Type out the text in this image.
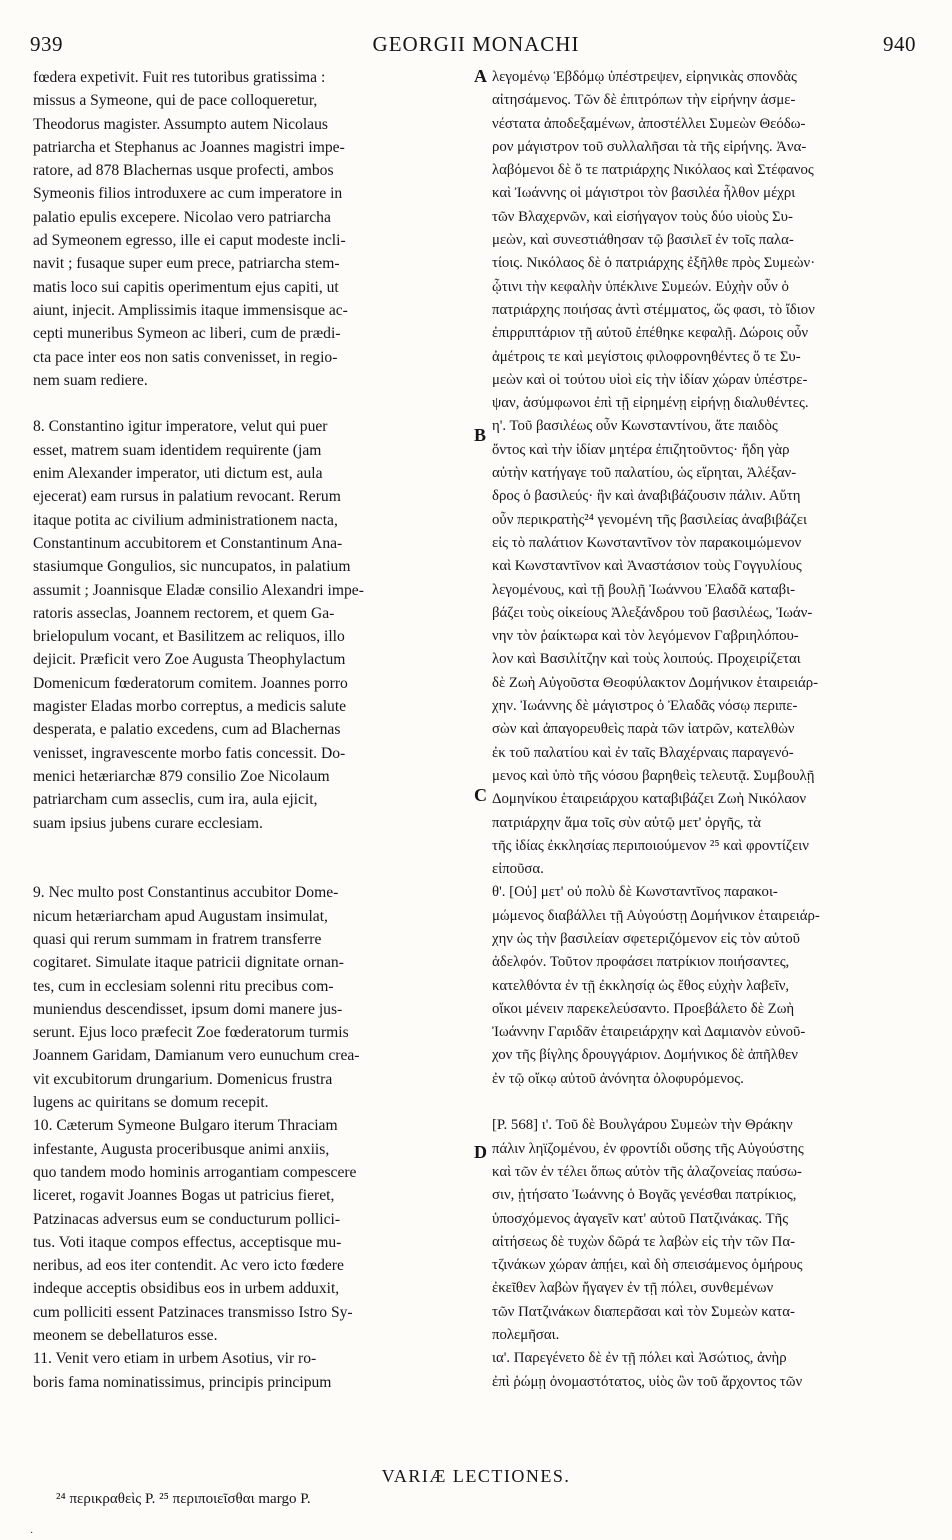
939	GEORGII MONACHI	940
fœdera expetivit. Fuit res tutoribus gratissima :
missus a Symeone, qui de pace colloqueretur,
Theodorus magister. Assumpto autem Nicolaus
patriarcha et Stephanus ac Joannes magistri impe-
ratore, ad 878 Blachernas usque profecti, ambos
Symeonis filios introduxere ac cum imperatore in
palatio epulis excepere. Nicolao vero patriarcha
ad Symeonem egresso, ille ei caput modeste incli-
navit ; fusaque super eum prece, patriarcha stem-
matis loco sui capitis operimentum ejus capiti, ut
aiunt, injecit. Amplissimis itaque immensisque ac-
cepti muneribus Symeon ac liberi, cum de prædi-
cta pace inter eos non satis convenisset, in regio-
nem suam rediere.
8. Constantino igitur imperatore, velut qui puer
esset, matrem suam identidem requirente (jam
enim Alexander imperator, uti dictum est, aula
ejecerat) eam rursus in palatium revocant. Rerum
itaque potita ac civilium administrationem nacta,
Constantinum accubitorem et Constantinum Ana-
stasiumque Gongulios, sic nuncupatos, in palatium
assumit ; Joannisque Eladæ consilio Alexandri impe-
ratoris asseclas, Joannem rectorem, et quem Ga-
brielopulum vocant, et Basilitzem ac reliquos, illo
dejicit. Præficit vero Zoe Augusta Theophylactum
Domenicum fœderatorum comitem. Joannes porro
magister Eladas morbo correptus, a medicis salute
desperata, e palatio excedens, cum ad Blachernas
venisset, ingravescente morbo fatis concessit. Do-
menici hetæriarchæ 879 consilio Zoe Nicolaum
patriarcham cum asseclis, cum ira, aula ejicit,
suam ipsius jubens curare ecclesiam.
9. Nec multo post Constantinus accubitor Dome-
nicum hetæriarcham apud Augustam insimulat,
quasi qui rerum summam in fratrem transferre
cogitaret. Simulate itaque patricii dignitate ornan-
tes, cum in ecclesiam solenni ritu precibus com-
muniendus descendisset, ipsum domi manere jus-
serunt. Ejus loco præfecit Zoe fœderatorum turmis
Joannem Garidam, Damianum vero eunuchum crea-
vit excubitorum drungarium. Domenicus frustra
lugens ac quiritans se domum recepit.
10. Cæterum Symeone Bulgaro iterum Thraciam
infestante, Augusta proceribusque animi anxiis,
quo tandem modo hominis arrogantiam compescere
liceret, rogavit Joannes Bogas ut patricius fieret,
Patzinacas adversus eum se conducturum pollici-
tus. Voti itaque compos effectus, acceptisque mu-
neribus, ad eos iter contendit. Ac vero icto fœdere
indeque acceptis obsidibus eos in urbem adduxit,
cum polliciti essent Patzinaces transmisso Istro Sy-
meonem se debellaturos esse.
11. Venit vero etiam in urbem Asotius, vir ro-
boris fama nominatissimus, principis principum
λεγομένῳ Ἑβδόμῳ ὑπέστρεψεν, εἰρηνικὰς σπονδὰς
αἰτησάμενος. Τῶν δὲ ἐπιτρόπων τὴν εἰρήνην ἀσμε-
νέστατα ἀποδεξαμένων, ἀποστέλλει Συμεὼν Θεόδω-
ρον μάγιστρον τοῦ συλλαλῆσαι τὰ τῆς εἰρήνης. Ἀνα-
λαβόμενοι δὲ ὅ τε πατριάρχης Νικόλαος καὶ Στέφανος
καὶ Ἰωάννης οἱ μάγιστροι τὸν βασιλέα ἦλθον μέχρι
τῶν Βλαχερνῶν, καὶ εἰσήγαγον τοὺς δύο υἱοὺς Συ-
μεὼν, καὶ συνεστιάθησαν τῷ βασιλεῖ ἐν τοῖς παλα-
τίοις. Νικόλαος δὲ ὁ πατριάρχης ἐξῆλθε πρὸς Συμεὼν·
ᾧτινι τὴν κεφαλὴν ὑπέκλινε Συμεών. Εὐχὴν οὖν ὁ
πατριάρχης ποιήσας ἀντὶ στέμματος, ὥς φασι, τὸ ἴδιον
ἐπιρριπτάριον τῇ αὐτοῦ ἐπέθηκε κεφαλῇ. Δώροις οὖν
ἀμέτροις τε καὶ μεγίστοις φιλοφρονηθέντες ὅ τε Συ-
μεὼν καὶ οἱ τούτου υἱοὶ εἰς τὴν ἰδίαν χώραν ὑπέστρε-
ψαν, ἀσύμφωνοι ἐπὶ τῇ εἰρημένῃ εἰρήνῃ διαλυθέντες.
η'. Τοῦ βασιλέως οὖν Κωνσταντίνου, ἅτε παιδὸς
ὄντος καὶ τὴν ἰδίαν μητέρα ἐπιζητοῦντος· ἤδη γὰρ
αὐτὴν κατήγαγε τοῦ παλατίου, ὡς εἴρηται, Ἀλέξαν-
δρος ὁ βασιλεύς· ἣν καὶ ἀναβιβάζουσιν πάλιν. Αὕτη
οὖν περικρατὴς²⁴ γενομένη τῆς βασιλείας ἀναβιβάζει
εἰς τὸ παλάτιον Κωνσταντῖνον τὸν παρακοιμώμενον
καὶ Κωνσταντῖνον καὶ Ἀναστάσιον τοὺς Γογγυλίους
λεγομένους, καὶ τῇ βουλῇ Ἰωάννου Ἐλαδᾶ καταβι-
βάζει τοὺς οἰκείους Ἀλεξάνδρου τοῦ βασιλέως, Ἰωάν-
νην τὸν ῥαίκτωρα καὶ τὸν λεγόμενον Γαβριηλόπου-
λον καὶ Βασιλίτζην καὶ τοὺς λοιπούς. Προχειρίζεται
δὲ Ζωὴ Αὐγοῦστα Θεοφύλακτον Δομήνικον ἑταιρειάρ-
χην. Ἰωάννης δὲ μάγιστρος ὁ Ἐλαδᾶς νόσῳ περιπε-
σὼν καὶ ἀπαγορευθεὶς παρὰ τῶν ἰατρῶν, κατελθὼν
ἐκ τοῦ παλατίου καὶ ἐν ταῖς Βλαχέρναις παραγενό-
μενος καὶ ὑπὸ τῆς νόσου βαρηθεὶς τελευτᾷ. Συμβουλῇ
Δομηνίκου ἑταιρειάρχου καταβιβάζει Ζωὴ Νικόλαον
πατριάρχην ἅμα τοῖς σὺν αὐτῷ μετ' ὀργῆς, τὰ
τῆς ἰδίας ἐκκλησίας περιποιούμενον ²⁵ καὶ φροντίζειν
εἰποῦσα.
θ'. [Οὐ] μετ' οὐ πολὺ δὲ Κωνσταντῖνος παρακοι-
μώμενος διαβάλλει τῇ Αὐγούστῃ Δομήνικον ἑταιρειάρ-
χην ὡς τὴν βασιλείαν σφετεριζόμενον εἰς τὸν αὐτοῦ
ἀδελφόν. Τοῦτον προφάσει πατρίκιον ποιήσαντες,
κατελθόντα ἐν τῇ ἐκκλησίᾳ ὡς ἔθος εὐχὴν λαβεῖν,
οἴκοι μένειν παρεκελεύσαντο. Προεβάλετο δὲ Ζωὴ
Ἰωάννην Γαριδᾶν ἑταιρειάρχην καὶ Δαμιανὸν εὐνοῦ-
χον τῆς βίγλης δρουγγάριον. Δομήνικος δὲ ἀπῆλθεν
ἐν τῷ οἴκῳ αὐτοῦ ἀνόνητα ὀλοφυρόμενος.
[P. 568] ι'. Τοῦ δὲ Βουλγάρου Συμεὼν τὴν Θράκην
πάλιν ληϊζομένου, ἐν φροντίδι οὔσης τῆς Αὐγούστης
καὶ τῶν ἐν τέλει ὅπως αὐτὸν τῆς ἀλαζονείας παύσω-
σιν, ᾐτήσατο Ἰωάννης ὁ Βογᾶς γενέσθαι πατρίκιος,
ὑποσχόμενος ἀγαγεῖν κατ' αὐτοῦ Πατζινάκας. Τῆς
αἰτήσεως δὲ τυχὼν δῶρά τε λαβὼν εἰς τὴν τῶν Πα-
τζινάκων χώραν ἀπῄει, καὶ δὴ σπεισάμενος ὁμήρους
ἐκεῖθεν λαβὼν ἤγαγεν ἐν τῇ πόλει, συνθεμένων
τῶν Πατζινάκων διαπερᾶσαι καὶ τὸν Συμεὼν κατα-
πολεμῆσαι.
ια'. Παρεγένετο δὲ ἐν τῇ πόλει καὶ Ἀσώτιος, ἀνὴρ
ἐπὶ ῥώμῃ ὀνομαστότατος, υἱὸς ὢν τοῦ ἄρχοντος τῶν
A
B
C
D
VARIÆ LECTIONES.
²⁴ περικραθεὶς P. ²⁵ περιποιεῖσθαι margo P.
·
